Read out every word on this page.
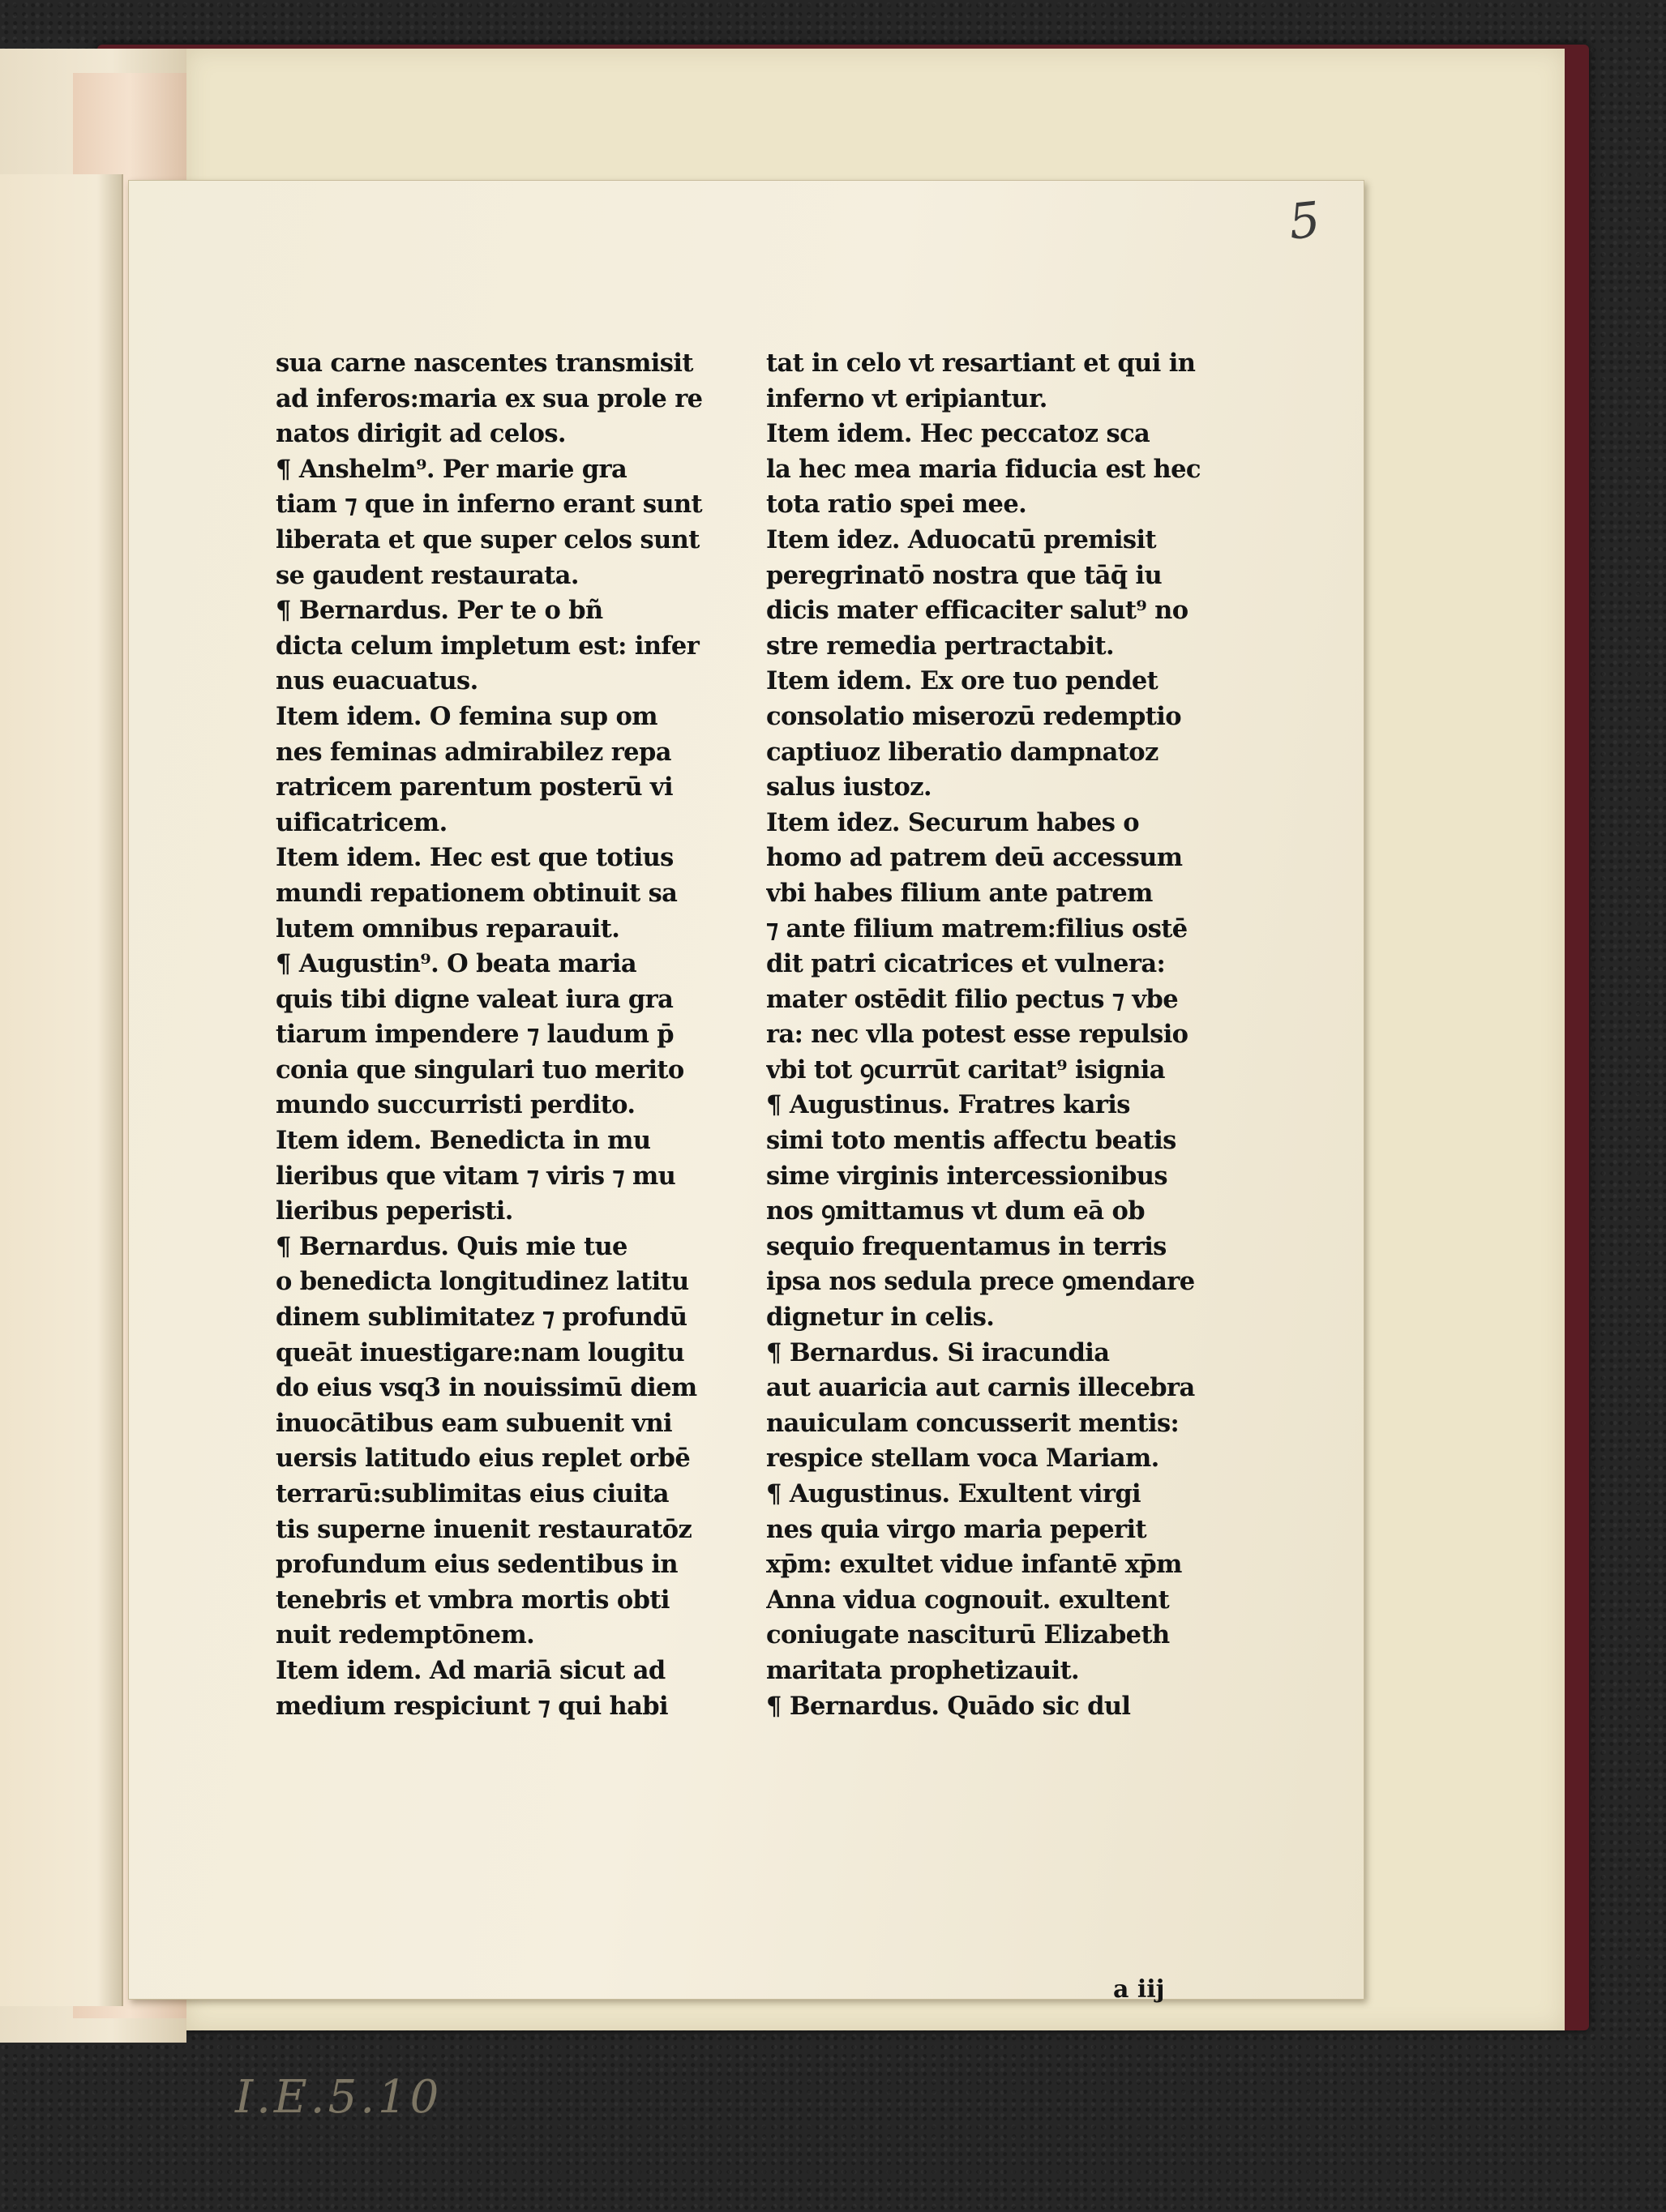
5
sua carne nascentes transmisit
ad inferos:maria ex sua prole re
natos dirigit ad celos.
¶ Anshelm⁹. Per marie gra
tiam ⁊ que in inferno erant sunt
liberata et que super celos sunt
se gaudent restaurata.
¶ Bernardus. Per te o bñ
dicta celum impletum est: infer
nus euacuatus.
Item idem. O femina sup om
nes feminas admirabilez repa
ratricem parentum posterū vi
uificatricem.
Item idem. Hec est que totius
mundi repationem obtinuit sa
lutem omnibus reparauit.
¶ Augustin⁹. O beata maria
quis tibi digne valeat iura gra
tiarum impendere ⁊ laudum p̄
conia que singulari tuo merito
mundo succurristi perdito.
Item idem. Benedicta in mu
lieribus que vitam ⁊ viris ⁊ mu
lieribus peperisti.
¶ Bernardus. Quis mie tue
o benedicta longitudinez latitu
dinem sublimitatez ⁊ profundū
queāt inuestigare:nam lougitu
do eius vsq3 in nouissimū diem
inuocātibus eam subuenit vni
uersis latitudo eius replet orbē
terrarū:sublimitas eius ciuita
tis superne inuenit restauratōz
profundum eius sedentibus in
tenebris et vmbra mortis obti
nuit redemptōnem.
Item idem. Ad mariā sicut ad
medium respiciunt ⁊ qui habi
tat in celo vt resartiant et qui in
inferno vt eripiantur.
Item idem. Hec peccatoz sca
la hec mea maria fiducia est hec
tota ratio spei mee.
Item idez. Aduocatū premisit
peregrinatō nostra que tāq̄ iu
dicis mater efficaciter salut⁹ no
stre remedia pertractabit.
Item idem. Ex ore tuo pendet
consolatio miserozū redemptio
captiuoz liberatio dampnatoz
salus iustoz.
Item idez. Securum habes o
homo ad patrem deū accessum
vbi habes filium ante patrem
⁊ ante filium matrem:filius ostē
dit patri cicatrices et vulnera:
mater ostēdit filio pectus ⁊ vbe
ra: nec vlla potest esse repulsio
vbi tot ꝯcurrūt caritat⁹ isignia
¶ Augustinus. Fratres karis
simi toto mentis affectu beatis
sime virginis intercessionibus
nos ꝯmittamus vt dum eā ob
sequio frequentamus in terris
ipsa nos sedula prece ꝯmendare
dignetur in celis.
¶ Bernardus. Si iracundia
aut auaricia aut carnis illecebra
nauiculam concusserit mentis:
respice stellam voca Mariam.
¶ Augustinus. Exultent virgi
nes quia virgo maria peperit
xp̄m: exultet vidue infantē xp̄m
Anna vidua cognouit. exultent
coniugate nasciturū Elizabeth
maritata prophetizauit.
¶ Bernardus. Quādo sic dul
a iij
I.E.5.10
